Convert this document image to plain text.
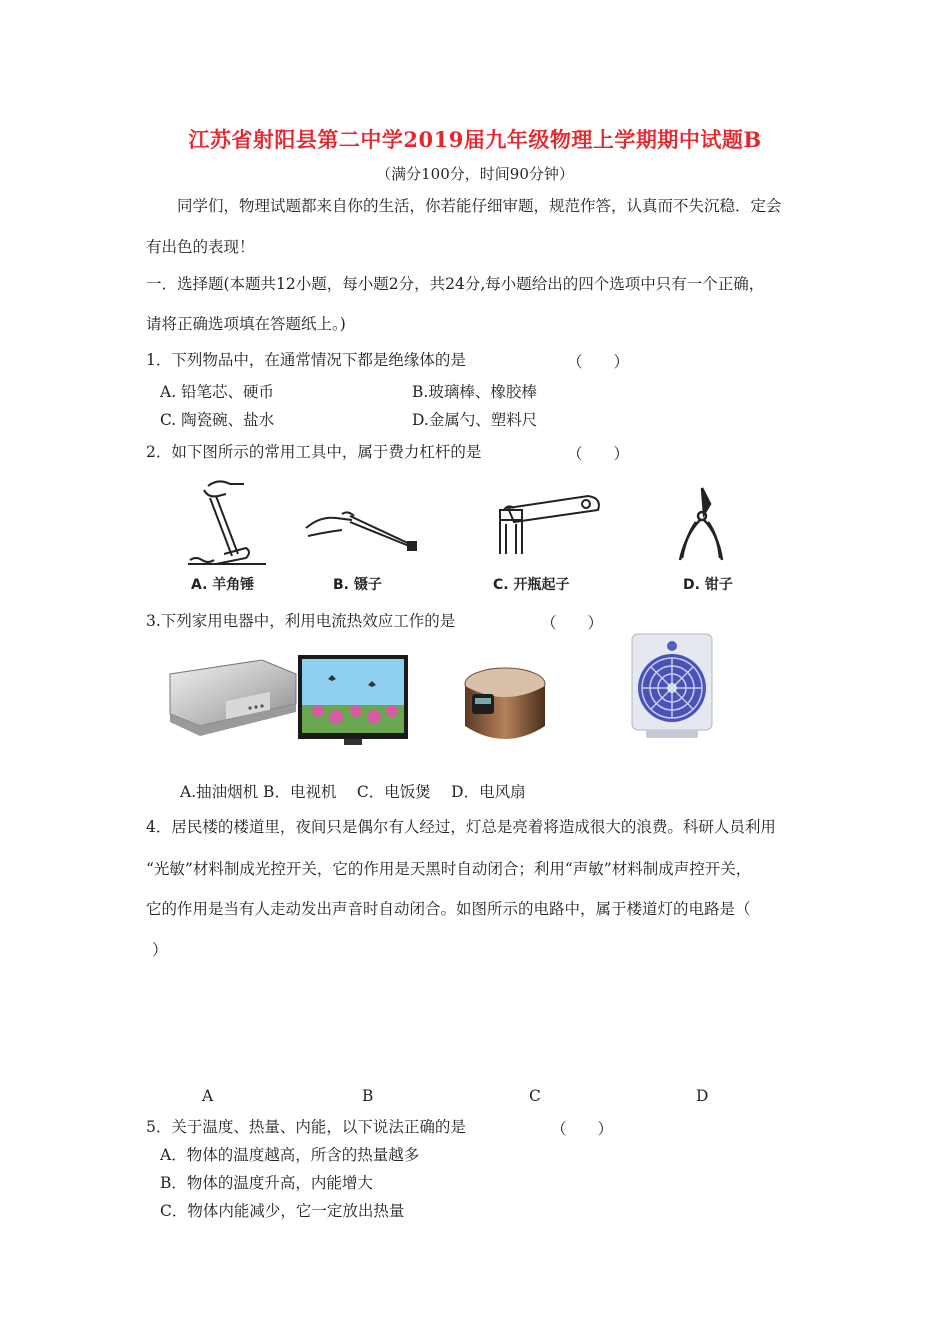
江苏省射阳县第二中学2019届九年级物理上学期期中试题B
（满分100分，时间90分钟）
同学们，物理试题都来自你的生活，你若能仔细审题，规范作答，认真而不失沉稳．定会
有出色的表现！
一．选择题(本题共12小题，每小题2分，共24分,每小题给出的四个选项中只有一个正确，
请将正确选项填在答题纸上。)
1．下列物品中，在通常情况下都是绝缘体的是	（　　）
A. 铅笔芯、硬币	B.玻璃棒、橡胶棒
C. 陶瓷碗、盐水	D.金属勺、塑料尺
2．如下图所示的常用工具中，属于费力杠杆的是	（　　）
A. 羊角锤	B. 镊子	C. 开瓶起子	D. 钳子
3.下列家用电器中，利用电流热效应工作的是	（　　）
A.抽油烟机 B．电视机　 C．电饭煲　 D．电风扇
4．居民楼的楼道里，夜间只是偶尔有人经过，灯总是亮着将造成很大的浪费。科研人员利用
“光敏”材料制成光控开关，它的作用是天黑时自动闭合；利用“声敏”材料制成声控开关，
它的作用是当有人走动发出声音时自动闭合。如图所示的电路中，属于楼道灯的电路是（
）
A	B	C	D
5．关于温度、热量、内能，以下说法正确的是	（　　）
A．物体的温度越高，所含的热量越多
B．物体的温度升高，内能增大
C．物体内能减少，它一定放出热量
